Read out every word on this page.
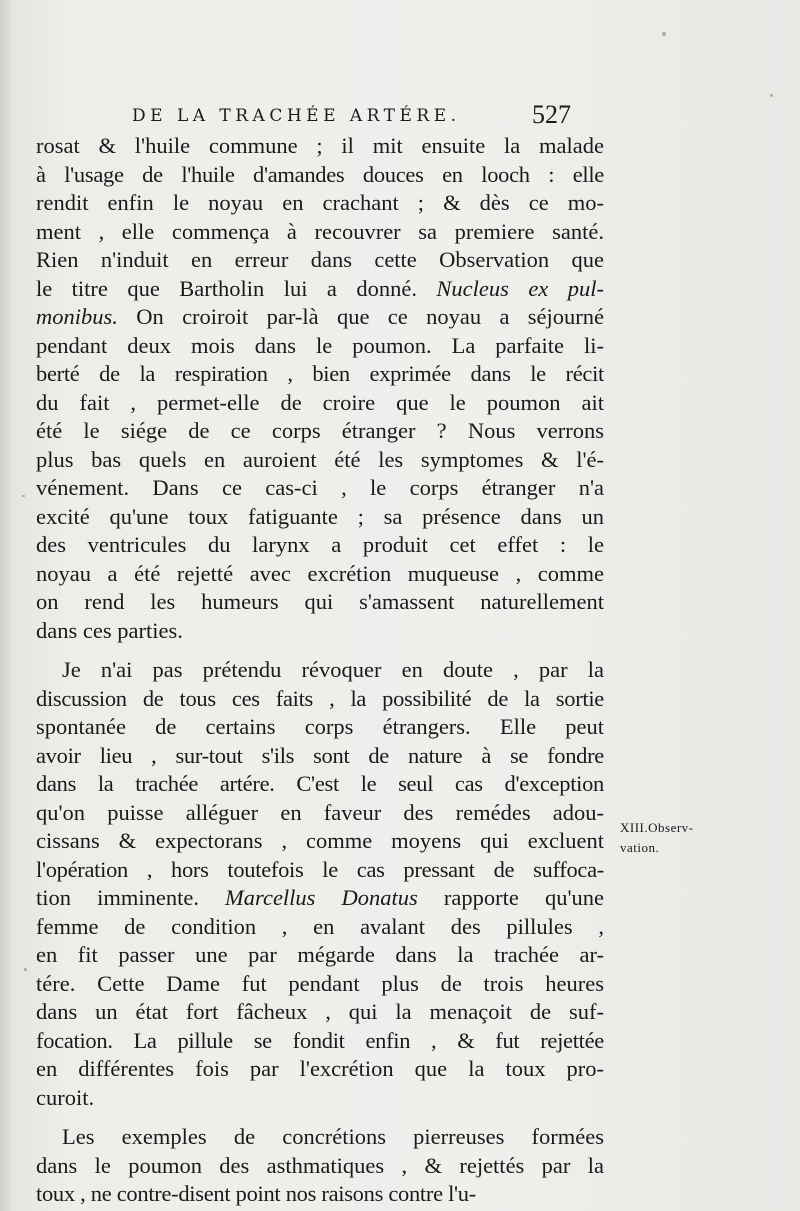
DE LA TRACHÉE ARTÉRE.	527
rosat & l'huile commune ; il mit ensuite la malade
à l'usage de l'huile d'amandes douces en looch : elle
rendit enfin le noyau en crachant ; & dès ce mo-
ment , elle commença à recouvrer sa premiere santé.
Rien n'induit en erreur dans cette Observation que
le titre que Bartholin lui a donné. Nucleus ex pul-
monibus. On croiroit par-là que ce noyau a séjourné
pendant deux mois dans le poumon. La parfaite li-
berté de la respiration , bien exprimée dans le récit
du fait , permet-elle de croire que le poumon ait
été le siége de ce corps étranger ? Nous verrons
plus bas quels en auroient été les symptomes & l'é-
vénement. Dans ce cas-ci , le corps étranger n'a
excité qu'une toux fatiguante ; sa présence dans un
des ventricules du larynx a produit cet effet : le
noyau a été rejetté avec excrétion muqueuse , comme
on rend les humeurs qui s'amassent naturellement
dans ces parties.
Je n'ai pas prétendu révoquer en doute , par la
discussion de tous ces faits , la possibilité de la sortie
spontanée de certains corps étrangers. Elle peut
avoir lieu , sur-tout s'ils sont de nature à se fondre
dans la trachée artére. C'est le seul cas d'exception
qu'on puisse alléguer en faveur des remédes adou-
cissans & expectorans , comme moyens qui excluent
l'opération , hors toutefois le cas pressant de suffoca-
tion imminente. Marcellus Donatus rapporte qu'une
femme de condition , en avalant des pillules ,
en fit passer une par mégarde dans la trachée ar-
tére. Cette Dame fut pendant plus de trois heures
dans un état fort fâcheux , qui la menaçoit de suf-
focation. La pillule se fondit enfin , & fut rejettée
en différentes fois par l'excrétion que la toux pro-
curoit.
Les exemples de concrétions pierreuses formées
dans le poumon des asthmatiques , & rejettés par la
toux , ne contre-disent point nos raisons contre l'u-
XIII.Observ-
vation.
